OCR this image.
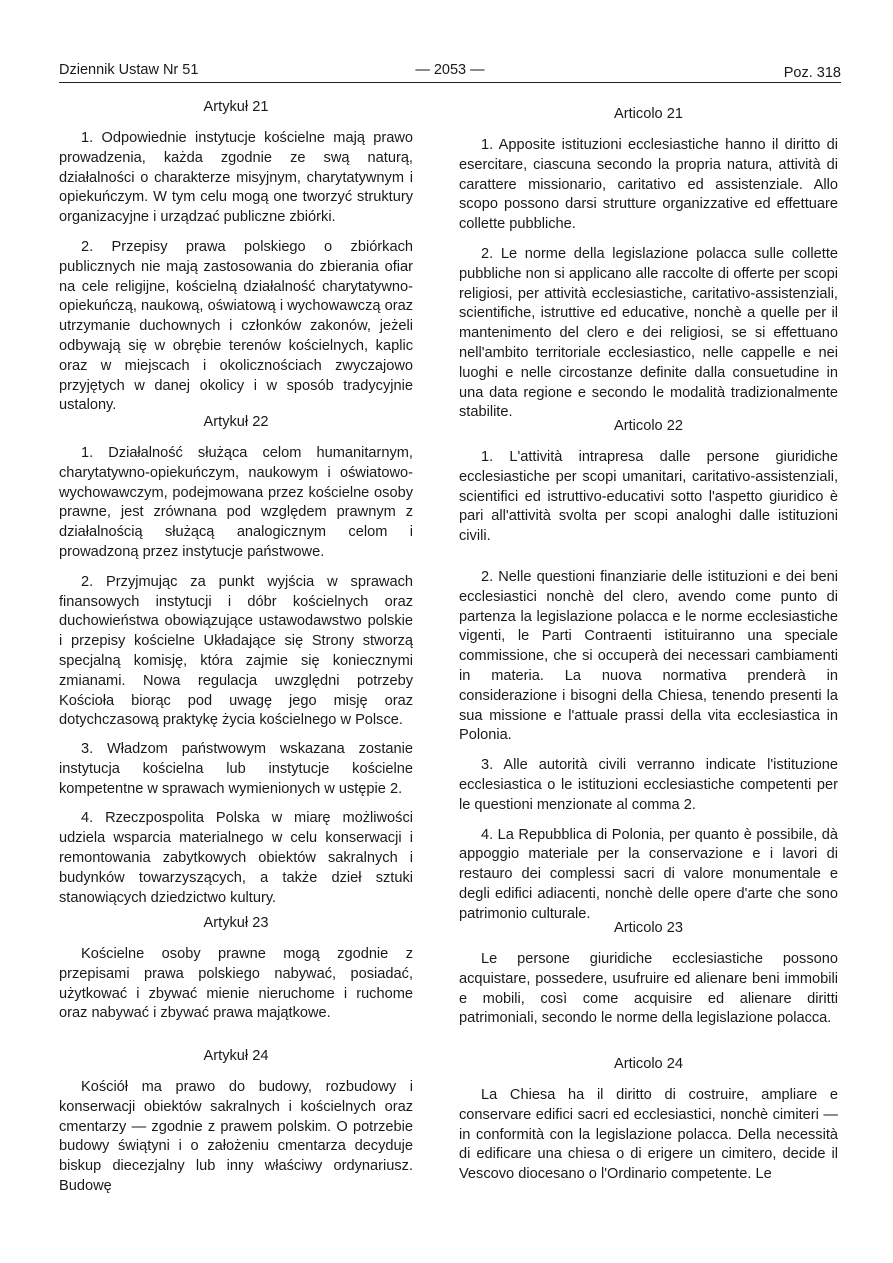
Dziennik Ustaw Nr 51	— 2053 —	Poz. 318
Artykuł 21

1. Odpowiednie instytucje kościelne mają prawo prowadzenia, każda zgodnie ze swą naturą, działalności o charakterze misyjnym, charytatywnym i opiekuńczym. W tym celu mogą one tworzyć struktury organizacyjne i urządzać publiczne zbiórki.

2. Przepisy prawa polskiego o zbiórkach publicznych nie mają zastosowania do zbierania ofiar na cele religijne, kościelną działalność charytatywno-opiekuńczą, naukową, oświatową i wychowawczą oraz utrzymanie duchownych i członków zakonów, jeżeli odbywają się w obrębie terenów kościelnych, kaplic oraz w miejscach i okolicznościach zwyczajowo przyjętych w danej okolicy i w sposób tradycyjnie ustalony.

Artykuł 22

1. Działalność służąca celom humanitarnym, charytatywno-opiekuńczym, naukowym i oświatowo-wychowawczym, podejmowana przez kościelne osoby prawne, jest zrównana pod względem prawnym z działalnością służącą analogicznym celom i prowadzoną przez instytucje państwowe.

2. Przyjmując za punkt wyjścia w sprawach finansowych instytucji i dóbr kościelnych oraz duchowieństwa obowiązujące ustawodawstwo polskie i przepisy kościelne Układające się Strony stworzą specjalną komisję, która zajmie się koniecznymi zmianami. Nowa regulacja uwzględni potrzeby Kościoła biorąc pod uwagę jego misję oraz dotychczasową praktykę życia kościelnego w Polsce.

3. Władzom państwowym wskazana zostanie instytucja kościelna lub instytucje kościelne kompetentne w sprawach wymienionych w ustępie 2.

4. Rzeczpospolita Polska w miarę możliwości udziela wsparcia materialnego w celu konserwacji i remontowania zabytkowych obiektów sakralnych i budynków towarzyszących, a także dzieł sztuki stanowiących dziedzictwo kultury.

Artykuł 23

Kościelne osoby prawne mogą zgodnie z przepisami prawa polskiego nabywać, posiadać, użytkować i zbywać mienie nieruchome i ruchome oraz nabywać i zbywać prawa majątkowe.

Artykuł 24

Kościół ma prawo do budowy, rozbudowy i konserwacji obiektów sakralnych i kościelnych oraz cmentarzy — zgodnie z prawem polskim. O potrzebie budowy świątyni i o założeniu cmentarza decyduje biskup diecezjalny lub inny właściwy ordynariusz. Budowę

Articolo 21

1. Apposite istituzioni ecclesiastiche hanno il diritto di esercitare, ciascuna secondo la propria natura, attività di carattere missionario, caritativo ed assistenziale. Allo scopo possono darsi strutture organizzative ed effettuare collette pubbliche.

2. Le norme della legislazione polacca sulle collette pubbliche non si applicano alle raccolte di offerte per scopi religiosi, per attività ecclesiastiche, caritativo-assistenziali, scientifiche, istruttive ed educative, nonchè a quelle per il mantenimento del clero e dei religiosi, se si effettuano nell'ambito territoriale ecclesiastico, nelle cappelle e nei luoghi e nelle circostanze definite dalla consuetudine in una data regione e secondo le modalità tradizionalmente stabilite.

Articolo 22

1. L'attività intrapresa dalle persone giuridiche ecclesiastiche per scopi umanitari, caritativo-assistenziali, scientifici ed istruttivo-educativi sotto l'aspetto giuridico è pari all'attività svolta per scopi analoghi dalle istituzioni civili.

2. Nelle questioni finanziarie delle istituzioni e dei beni ecclesiastici nonchè del clero, avendo come punto di partenza la legislazione polacca e le norme ecclesiastiche vigenti, le Parti Contraenti istituiranno una speciale commissione, che si occuperà dei necessari cambiamenti in materia. La nuova normativa prenderà in considerazione i bisogni della Chiesa, tenendo presenti la sua missione e l'attuale prassi della vita ecclesiastica in Polonia.

3. Alle autorità civili verranno indicate l'istituzione ecclesiastica o le istituzioni ecclesiastiche competenti per le questioni menzionate al comma 2.

4. La Repubblica di Polonia, per quanto è possibile, dà appoggio materiale per la conservazione e i lavori di restauro dei complessi sacri di valore monumentale e degli edifici adiacenti, nonchè delle opere d'arte che sono patrimonio culturale.

Articolo 23

Le persone giuridiche ecclesiastiche possono acquistare, possedere, usufruire ed alienare beni immobili e mobili, così come acquisire ed alienare diritti patrimoniali, secondo le norme della legislazione polacca.

Articolo 24

La Chiesa ha il diritto di costruire, ampliare e conservare edifici sacri ed ecclesiastici, nonchè cimiteri — in conformità con la legislazione polacca. Della necessità di edificare una chiesa o di erigere un cimitero, decide il Vescovo diocesano o l'Ordinario competente. Le
